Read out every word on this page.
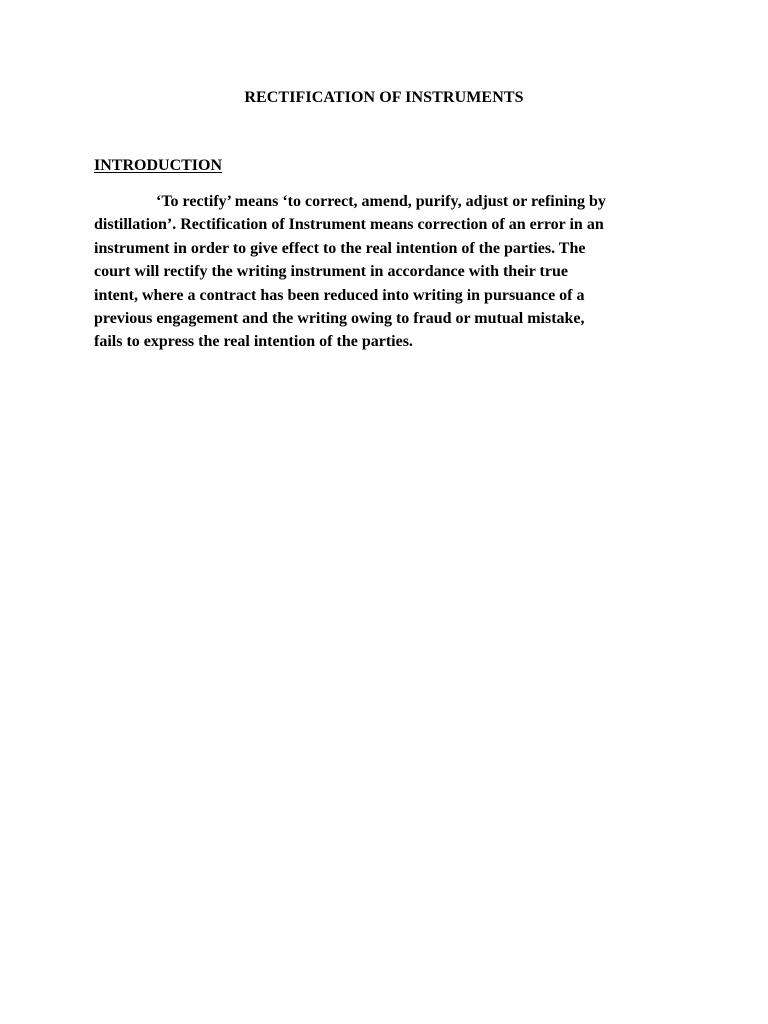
RECTIFICATION OF INSTRUMENTS
INTRODUCTION
‘To rectify’ means ‘to correct, amend, purify, adjust or refining by
distillation’. Rectification of Instrument means correction of an error in an
instrument in order to give effect to the real intention of the parties. The
court will rectify the writing instrument in accordance with their true
intent, where a contract has been reduced into writing in pursuance of a
previous engagement and the writing owing to fraud or mutual mistake,
fails to express the real intention of the parties.
